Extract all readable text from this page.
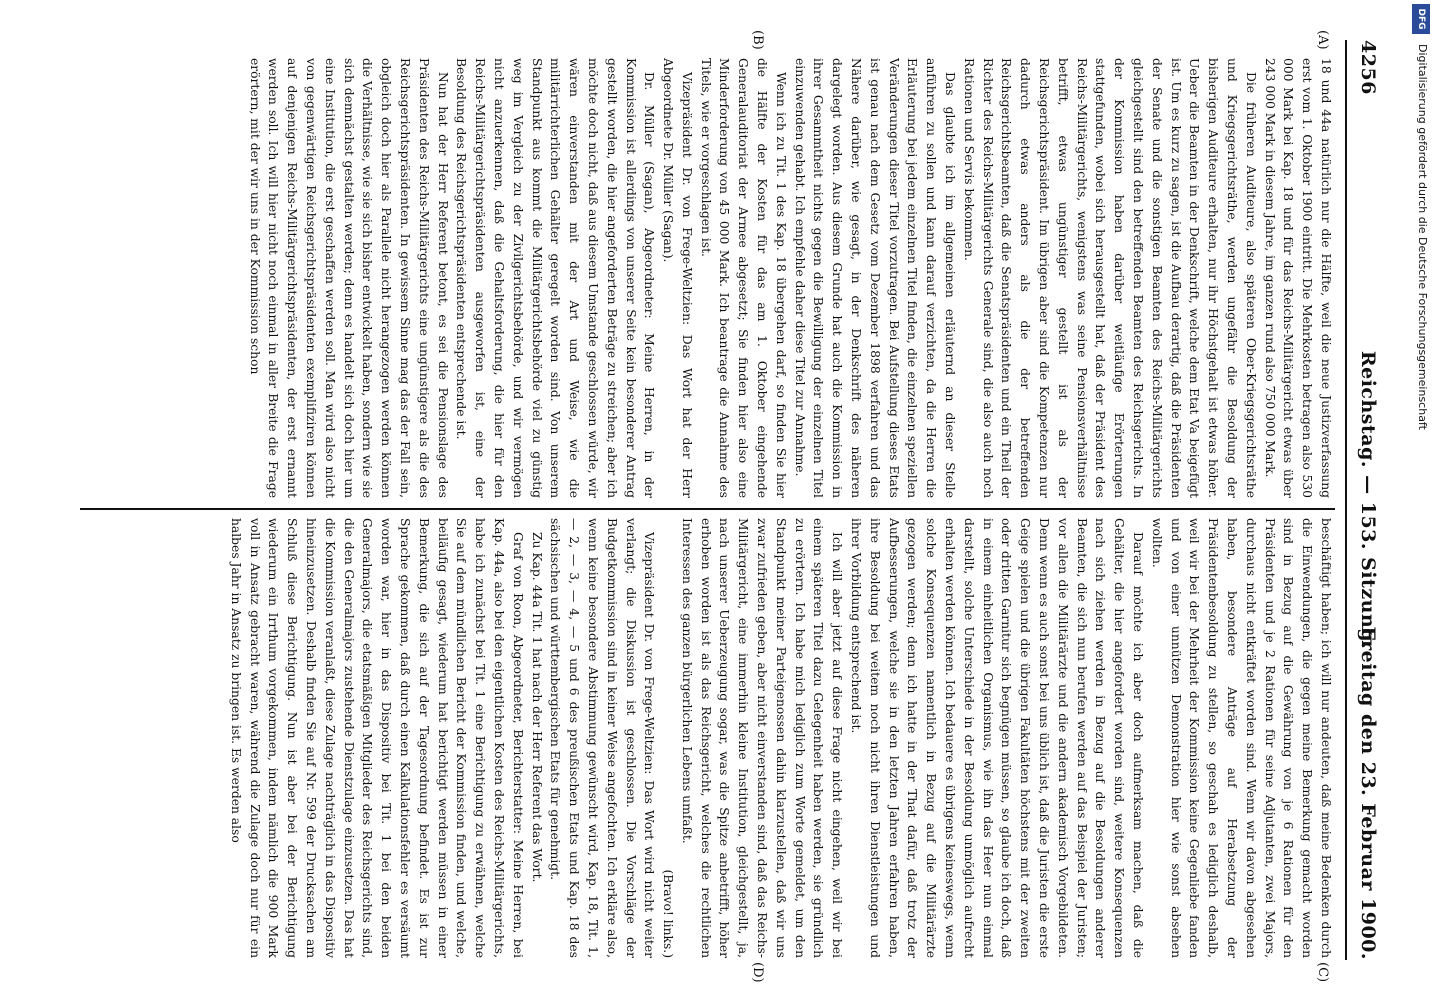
4256
Reichstag. — 153. Sitzung.
Freitag den 23. Februar 1900.
(A)
(B)
(C)
(D)

18 und 44a natürlich nur die Hälfte, weil die neue Justizverfassung erst vom 1. Oktober 1900 eintritt. Die Mehrkosten betragen also 530 000 Mark bei Kap. 18 und für das Reichs-Militärgericht etwas über 243 000 Mark in diesem Jahre, im ganzen rund also 750 000 Mark.

Die früheren Auditeure, also späteren Ober-Kriegsgerichtsräthe und Kriegsgerichtsräthe, werden ungefähr die Besoldung der bisherigen Auditeure erhalten, nur ihr Höchstgehalt ist etwas höher. Ueber die Beamten in der Denkschrift, welche dem Etat Va beigefügt ist. Um es kurz zu sagen, ist die Aufbau derartig, daß die Präsidenten der Senate und die sonstigen Beamten des Reichs-Militärgerichts gleichgestellt sind den betreffenden Beamten des Reichsgerichts. In der Kommission haben darüber weitläufige Erörterungen stattgefunden, wobei sich herausgestellt hat, daß der Präsident des Reichs-Militärgerichts, wenigstens was seine Pensionsverhältnisse betrifft, etwas ungünstiger gestellt ist als der Reichsgerichtspräsident. Im übrigen aber sind die Kompetenzen nur dadurch etwas anders als die der betreffenden Reichsgerichtsbeamten, daß die Senatspräsidenten und ein Theil der Richter des Reichs-Militärgerichts Generale sind, die also auch noch Rationen und Servis bekommen.

Das glaubte ich im allgemeinen erläuternd an dieser Stelle anführen zu sollen und kann darauf verzichten, da die Herren die Erläuterung bei jedem einzelnen Titel finden, die einzelnen speziellen Veränderungen dieser Titel vorzutragen. Bei Aufstellung dieses Etats ist genau nach dem Gesetz vom Dezember 1898 verfahren und das Nähere darüber, wie gesagt, in der Denkschrift des näheren dargelegt worden. Aus diesem Grunde hat auch die Kommission in ihrer Gesammtheit nichts gegen die Bewilligung der einzelnen Titel einzuwenden gehabt. Ich empfehle daher diese Titel zur Annahme.

Wenn ich zu Tit. 1 des Kap. 18 übergehen darf, so finden Sie hier die Hälfte der Kosten für das am 1. Oktober eingehende Generalauditoriat der Armee abgesetzt; Sie finden hier also eine Minderforderung von 45 000 Mark. Ich beantrage die Annahme des Titels, wie er vorgeschlagen ist.

Vizepräsident Dr. von Frege-Weltzien: Das Wort hat der Herr Abgeordnete Dr. Müller (Sagan).

Dr. Müller (Sagan), Abgeordneter: Meine Herren, in der Kommission ist allerdings von unserer Seite kein besonderer Antrag gestellt worden, die hier angeforderten Beträge zu streichen; aber ich möchte doch nicht, daß aus diesem Umstande geschlossen würde, wir wären einverstanden mit der Art und Weise, wie die militärrichterlichen Gehälter geregelt worden sind. Von unserem Standpunkt aus kommt die Militärgerichtsbehörde viel zu günstig weg im Vergleich zu der Zivilgerichtsbehörde, und wir vermögen nicht anzuerkennen, daß die Gehaltsforderung, die hier für den Reichs-Militärgerichtspräsidenten ausgeworfen ist, eine der Besoldung des Reichsgerichtspräsidenten entsprechende ist.

Nun hat der Herr Referent betont, es sei die Pensionslage des Präsidenten des Reichs-Militärgerichts eine ungünstigere als die des Reichsgerichtspräsidenten. In gewissem Sinne mag das der Fall sein, obgleich doch hier als Parallele nicht herangezogen werden können die Verhältnisse, wie sie sich bisher entwickelt haben, sondern wie sie sich demnächst gestalten werden; denn es handelt sich doch hier um eine Institution, die erst geschaffen werden soll. Man wird also nicht von gegenwärtigen Reichsgerichtspräsidenten exemplifiziren können auf denjenigen Reichs-Militärgerichtspräsidenten, der erst ernannt werden soll. Ich will hier nicht noch einmal in aller Breite die Frage erörtern, mit der wir uns in der Kommission schon

beschäftigt haben; ich will nur andeuten, daß meine Bedenken durch die Einwendungen, die gegen meine Bemerkung gemacht worden sind in Bezug auf die Gewährung von je 6 Rationen für den Präsidenten und je 2 Rationen für seine Adjutanten, zwei Majors, durchaus nicht entkräftet worden sind. Wenn wir davon abgesehen haben, besondere Anträge auf Herabsetzung der Präsidentenbesoldung zu stellen, so geschah es lediglich deshalb, weil wir bei der Mehrheit der Kommission keine Gegenliebe fanden und von einer unnützen Demonstration hier wie sonst absehen wollten.

Darauf möchte ich aber doch aufmerksam machen, daß die Gehälter, die hier angefordert worden sind, weitere Konsequenzen nach sich ziehen werden in Bezug auf die Besoldungen anderer Beamten, die sich nun berufen werden auf das Beispiel der Juristen; vor allen die Militärärzte und die andern akademisch Vorgebildeten. Denn wenn es auch sonst bei uns üblich ist, daß die Juristen die erste Geige spielen und die übrigen Fakultäten höchstens mit der zweiten oder dritten Garnitur sich begnügen müssen, so glaube ich doch, daß in einem einheitlichen Organismus, wie ihn das Heer nun einmal darstellt, solche Unterschiede in der Besoldung unmöglich aufrecht erhalten werden können. Ich bedauere es übrigens keineswegs, wenn solche Konsequenzen namentlich in Bezug auf die Militärärzte gezogen werden; denn ich hatte in der That dafür, daß trotz der Aufbesserungen, welche sie in den letzten Jahren erfahren haben, ihre Besoldung bei weitem noch nicht ihren Dienstleistungen und ihrer Vorbildung entsprechend ist.

Ich will aber jetzt auf diese Frage nicht eingehen, weil wir bei einem späteren Titel dazu Gelegenheit haben werden, sie gründlich zu erörtern. Ich habe mich lediglich zum Worte gemeldet, um den Standpunkt meiner Parteigenossen dahin klarzustellen, daß wir uns zwar zufrieden geben, aber nicht einverstanden sind, daß das Reichs-Militärgericht, eine immerhin kleine Institution, gleichgestellt, ja, nach unserer Ueberzeugung sogar, was die Spitze anbetrifft, höher erhoben worden ist als das Reichsgericht, welches die rechtlichen Interessen des ganzen bürgerlichen Lebens umfaßt.

(Bravo! links.)

Vizepräsident Dr. von Frege-Weltzien: Das Wort wird nicht weiter verlangt; die Diskussion ist geschlossen. Die Vorschläge der Budgetkommission sind in keiner Weise angefochten. Ich erkläre also, wenn keine besondere Abstimmung gewünscht wird, Kap. 18, Tit. 1, — 2, — 3, — 4, — 5 und 6 des preußischen Etats und Kap. 18 des sächsischen und württembergischen Etats für genehmigt.

Zu Kap. 44a Tit. 1 hat nach der Herr Referent das Wort.

Graf von Roon, Abgeordneter, Berichterstatter: Meine Herren, bei Kap. 44a, also bei den eigentlichen Kosten des Reichs-Militärgerichts, habe ich zunächst bei Tit. 1 eine Berichtigung zu erwähnen, welche Sie auf dem mündlichen Bericht der Kommission finden, und welche, beiläufig gesagt, wiederum hat berichtigt werden müssen in einer Bemerkung, die sich auf der Tagesordnung befindet. Es ist zur Sprache gekommen, daß durch einen Kalkulationsfehler es versäumt worden war, hier in das Dispositiv bei Tit. 1 bei den beiden Generalmajors, die etatsmäßigen Mitglieder des Reichsgerichts sind, die den Generalmajors zustehende Dienstzulage einzusetzen. Das hat die Kommission veranlaßt, diese Zulage nachträglich in das Dispositiv hineinzusetzen. Deshalb finden Sie auf Nr. 599 der Drucksachen am Schluß diese Berichtigung. Nun ist aber bei der Berichtigung wiederum ein Irrthum vorgekommen, indem nämlich die 900 Mark voll in Ansatz gebracht waren, während die Zulage doch nur für ein halbes Jahr in Ansatz zu bringen ist. Es werden also

DFG
Digitalisierung gefördert durch die Deutsche Forschungsgemeinschaft
